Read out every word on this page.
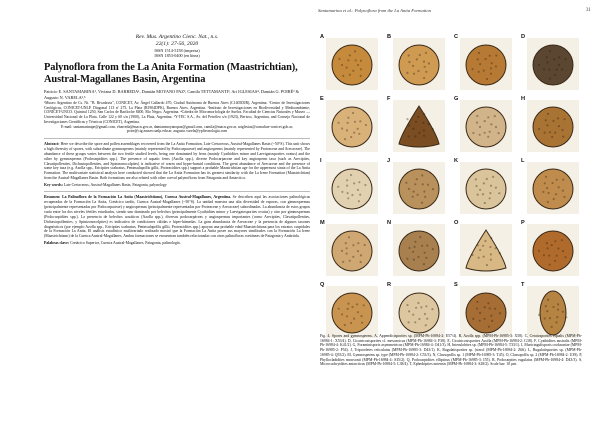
Santamarina et al.: Palynoflora from the La Anita Formation	31
Rev. Mus. Argentino Cienc. Nat., n.s.
22(1): 27-56, 2020
ISSN 1514-5158 (impresa)
ISSN 1853-0400 (en línea)
Palynoflora from the La Anita Formation (Maastrichtian), Austral-Magallanes Basin, Argentina
Patricio E. SANTAMARINA¹, Viviana D. BARREDA¹, Damián MOYANO PAZ², Camila TETTAMANTI³, Ari IGLESIAS⁴, Damián G. POIRÉ² & Augusto N. VARELA²,⁵
¹Museo Argentino de Cs. Nt. "B. Rivadavia", CONICET, Av. Ángel Gallardo 470, Ciudad Autónoma de Buenos Aires (C1405DJR), Argentina. ²Centro de Investigaciones Geológicas, CONICET-UNLP. Diagonal 113 nº 275, La Plata (B1904DPK), Buenos Aires, Argentina. ³Instituto de Investigaciones en Biodiversidad y Medioambiente, CONICET-UNCO. Quintral 1250, San Carlos de Bariloche 8400, Río Negro, Argentina. ⁴Cátedra de Micromorfología de Suelos. Facultad de Ciencias Naturales y Museo — Universidad Nacional de La Plata. Calle 122 y 60 s/n (1900), La Plata, Argentina. ⁵Y-TEC S.A., Av. del Petróleo s/n (1923), Berisso, Argentina, and Consejo Nacional de Investigaciones Científicas y Técnicas (CONICET), Argentina.
E-mail: santamarinape@gmail.com, vbarreda@macn.gov.ar, damianmoyanopaz@gmail.com, camila@macn.gov.ar, ariglesias@comahue-conicet.gob.ar, poire@cig.museo.unlp.edu.ar, augusto.varela@ypftecnologia.com
Abstract: Here we describe the spore and pollen assemblages recovered from the La Anita Formation, Late Cretaceous, Austral-Magallanes Basin (~50°S). This unit shows a high diversity of spores, with subordinate gymnosperms (mainly represented by Podocarpaceae) and angiosperms (mainly represented by Proteaceae and Arecaceae). The abundance of these groups varies between the two fertile studied levels, being one dominated by ferns (mainly Cyathidites minor and Laevigatosporites ovatus) and the other by gymnosperms (Podocarpidites spp.). The presence of aquatic ferns (Azolla spp.), diverse Podocarpaceae and key angiosperm taxa (such as Arecipites, Clavatipollenites, Dichastopollenites, and Spinizonocolpites) is indicative of warm and hyper-humid conditions. The great abundance of Arecaceae and the presence of some key taxa (e.g. Azolla spp., Ericipites scabratus, Peninsulapollis gillii, Proteacidites spp.) support a probable Maastrichtian age for the uppermost strata of the La Anita Formation. The multivariate statistical analysis here conducted showed that the La Anita Formation has its greatest similarity with the La Irene Formation (Maastrichtian) from the Austral-Magallanes Basin. Both formations are also related with other coeval palynofloras from Patagonia and Antarctica.
Key words: Late Cretaceous, Austral-Magallanes Basin, Patagonia, palynology
Resumen: La Palinoflora de la Formación La Anita (Maastrichtiano), Cuenca Austral-Magallanes, Argentina. Se describen aquí las asociaciones palinológicas recuperadas de la Formación La Anita, Cretácico tardío, Cuenca Austral-Magallanes (~50°S). La unidad muestra una alta diversidad de esporas, con gimnospermas (principalmente representadas por Podocarpaceae) y angiospermas (principalmente representadas por Proteaceae y Arecaceae) subordinadas. La abundancia de estos grupos varía entre los dos niveles fértiles estudiados, siendo uno dominado por helechos (principalmente Cyathidites minor y Laevigatosporites ovatus) y otro por gimnospermas (Podocarpidites spp.). La presencia de helechos acuáticos (Azolla spp.), diversas podocarpáceas y angiospermas importantes (como Arecipites, Clavatipollenites, Dichastopollenites, y Spinizonocolpites) es indicativo de condiciones cálidas e hiper-húmedas. La gran abundancia de Arecaceae y la presencia de algunos taxones diagnósticos (por ejemplo Azolla spp., Ericipites scabratus, Peninsulapollis gillii, Proteacidites spp.) apoyan una probable edad Maastrichtiana para los estratos cuspidales de la Formación La Anita. El análisis estadístico multivariado realizado mostró que la Formación La Anita posee sus mayores similitudes con la Formación La Irene (Maastrichtiano) de la Cuenca Austral-Magallanes. Ambas formaciones se encuentran también relacionadas con otras palinofloras coetáneas de Patagonia y Antártida.
Palabras clave: Cretácico Superior, Cuenca Austral-Magallanes, Patagonia, palinología.
A	B	C	D
E	F	G	H
I	J	K	L
M	N	O	P
Q	R	S	T
Fig. 4. Spores and gymnosperms. A, Appendicisporites sp. (MPM-Pb-16984-2: E57/4). B, Azolla spp. (MPM-Pb-16985-3: X58). C, Ceratosporites equalis (MPM-Pb-16984-1: X53/4). D, Cicatricosisporites cf. mesozoicus (MPM-Pb-16984-3: F38). E, Cicatricosisporites Azolla (MPM-Pb-16984-2: G38). F, Cyathidites australis (MPM-Pb-16984-4: K41/2). G, Foraminisporis asymmetricus (MPM-Pb-16984-4: O41/3). H, Interulobites sp. (MPM-Pb-16984-5: T33/1). I, Muricingulisporis cooksoniae (MPM-Pb-16985-2: P54). J, Triporoletes reticulatus (MPM-Pb-16985-3: D43/1). K, Rugulatisporites sp. (sterol (MPM-Pb-16984-2: Z66). L, Rugulatisporites sp. (MPM-Pb-16985-4: Q55/2). M, Gymnosperms sp. type (MPM-Pb-16984-2: C53/3). N, Classopollis sp. 1 (MPM-Pb-16985-3: T45). O, Classopollis sp. 2 (MPM-Pb-16984-2: U39). P, Phyllocladidites mawsonii (MPM-Pb-16984-4: S35/2). Q, Podocarpidites ellipticus (MPM-Pb-16985-3: I55). R, Podocarpites rugulatus (MPM-Pb-16984-4: D43/3). S, Microcachryidites antarcticus (MPM-Pb-16984-5: L38/4). T, Ephedripites notensis (MPM-Pb-16984-3: S28/2). Scale bar: 10 µm.
